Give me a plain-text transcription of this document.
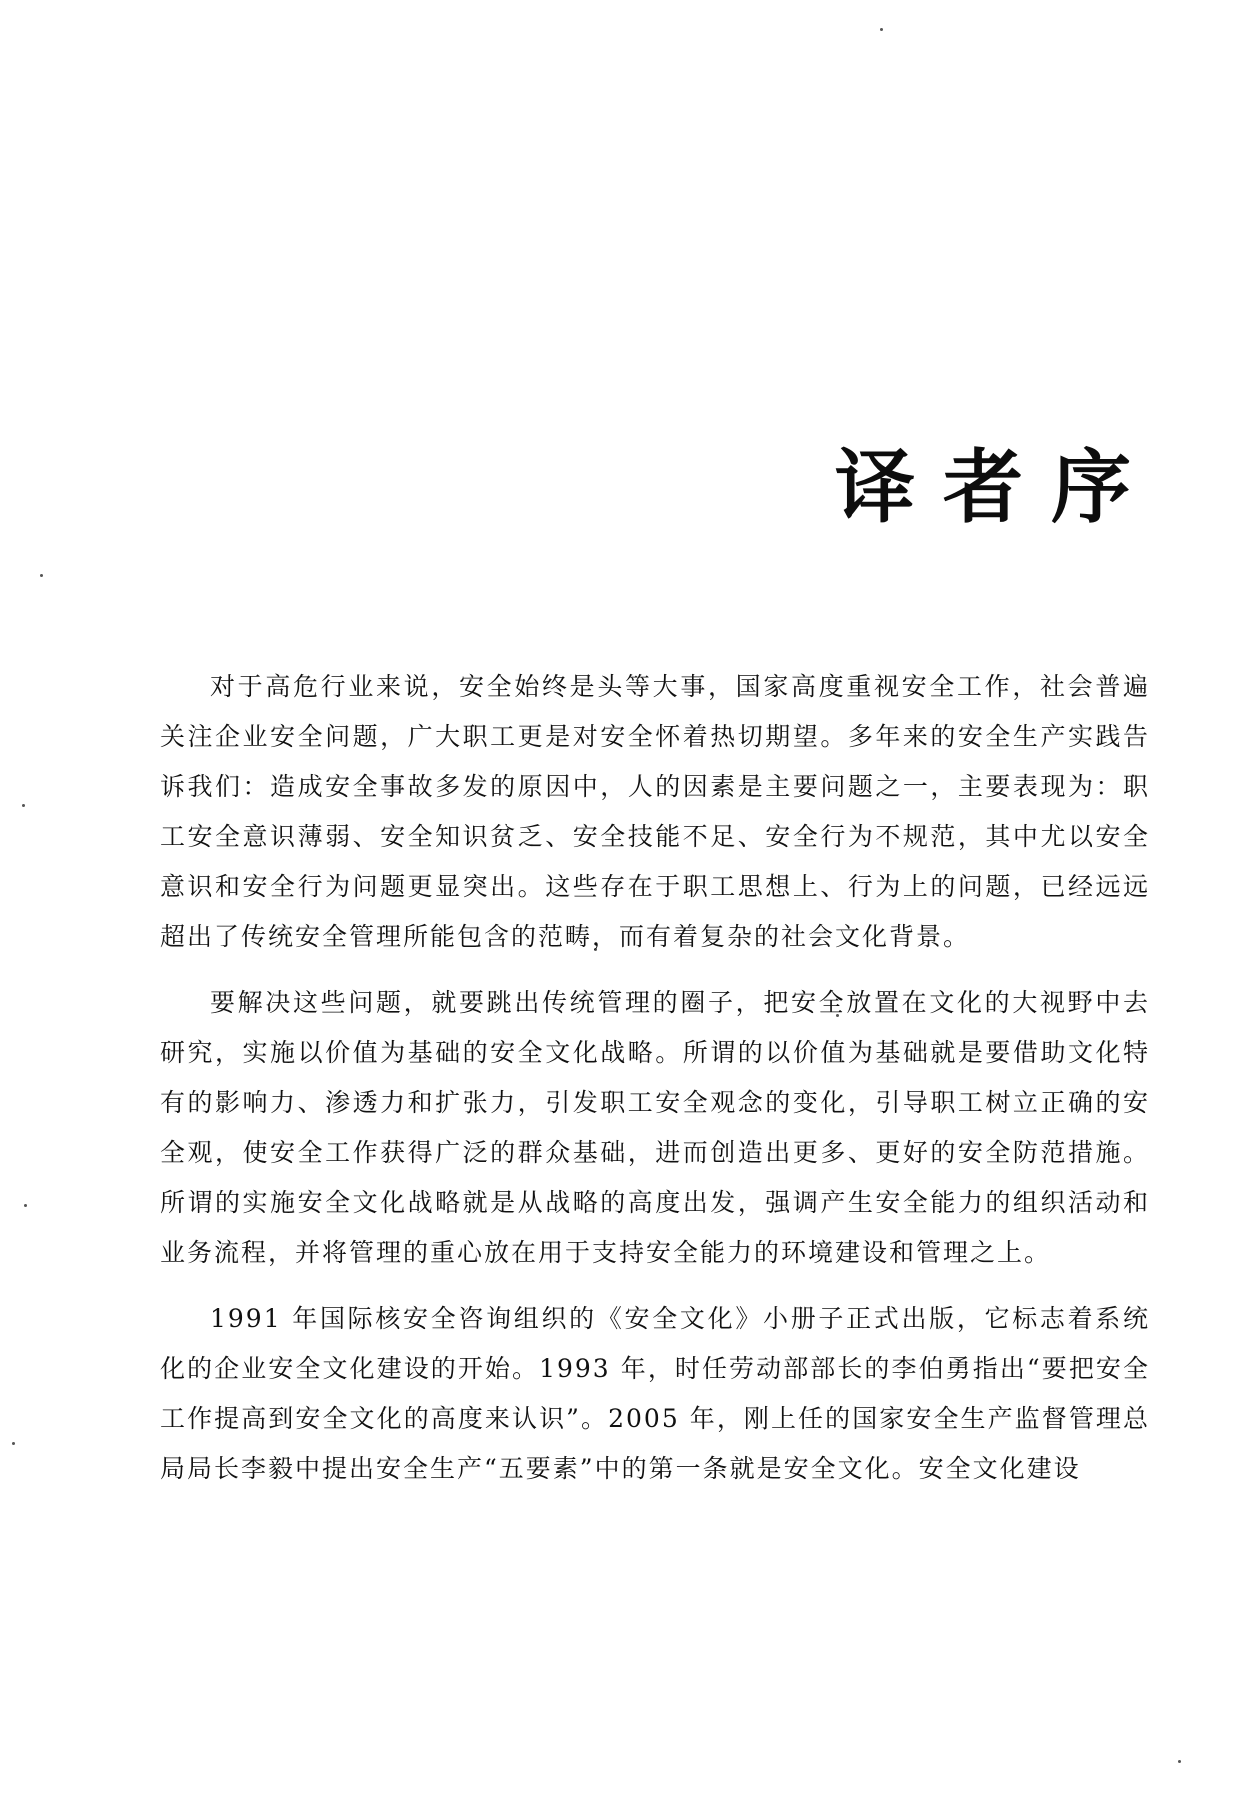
译者序

对于高危行业来说，安全始终是头等大事，国家高度重视安全工作，社会普遍关注企业安全问题，广大职工更是对安全怀着热切期望。多年来的安全生产实践告诉我们：造成安全事故多发的原因中，人的因素是主要问题之一，主要表现为：职工安全意识薄弱、安全知识贫乏、安全技能不足、安全行为不规范，其中尤以安全意识和安全行为问题更显突出。这些存在于职工思想上、行为上的问题，已经远远超出了传统安全管理所能包含的范畴，而有着复杂的社会文化背景。

要解决这些问题，就要跳出传统管理的圈子，把安全放置在文化的大视野中去研究，实施以价值为基础的安全文化战略。所谓的以价值为基础就是要借助文化特有的影响力、渗透力和扩张力，引发职工安全观念的变化，引导职工树立正确的安全观，使安全工作获得广泛的群众基础，进而创造出更多、更好的安全防范措施。所谓的实施安全文化战略就是从战略的高度出发，强调产生安全能力的组织活动和业务流程，并将管理的重心放在用于支持安全能力的环境建设和管理之上。

1991 年国际核安全咨询组织的《安全文化》小册子正式出版，它标志着系统化的企业安全文化建设的开始。1993 年，时任劳动部部长的李伯勇指出“要把安全工作提高到安全文化的高度来认识”。2005 年，刚上任的国家安全生产监督管理总局局长李毅中提出安全生产“五要素”中的第一条就是安全文化。安全文化建设
